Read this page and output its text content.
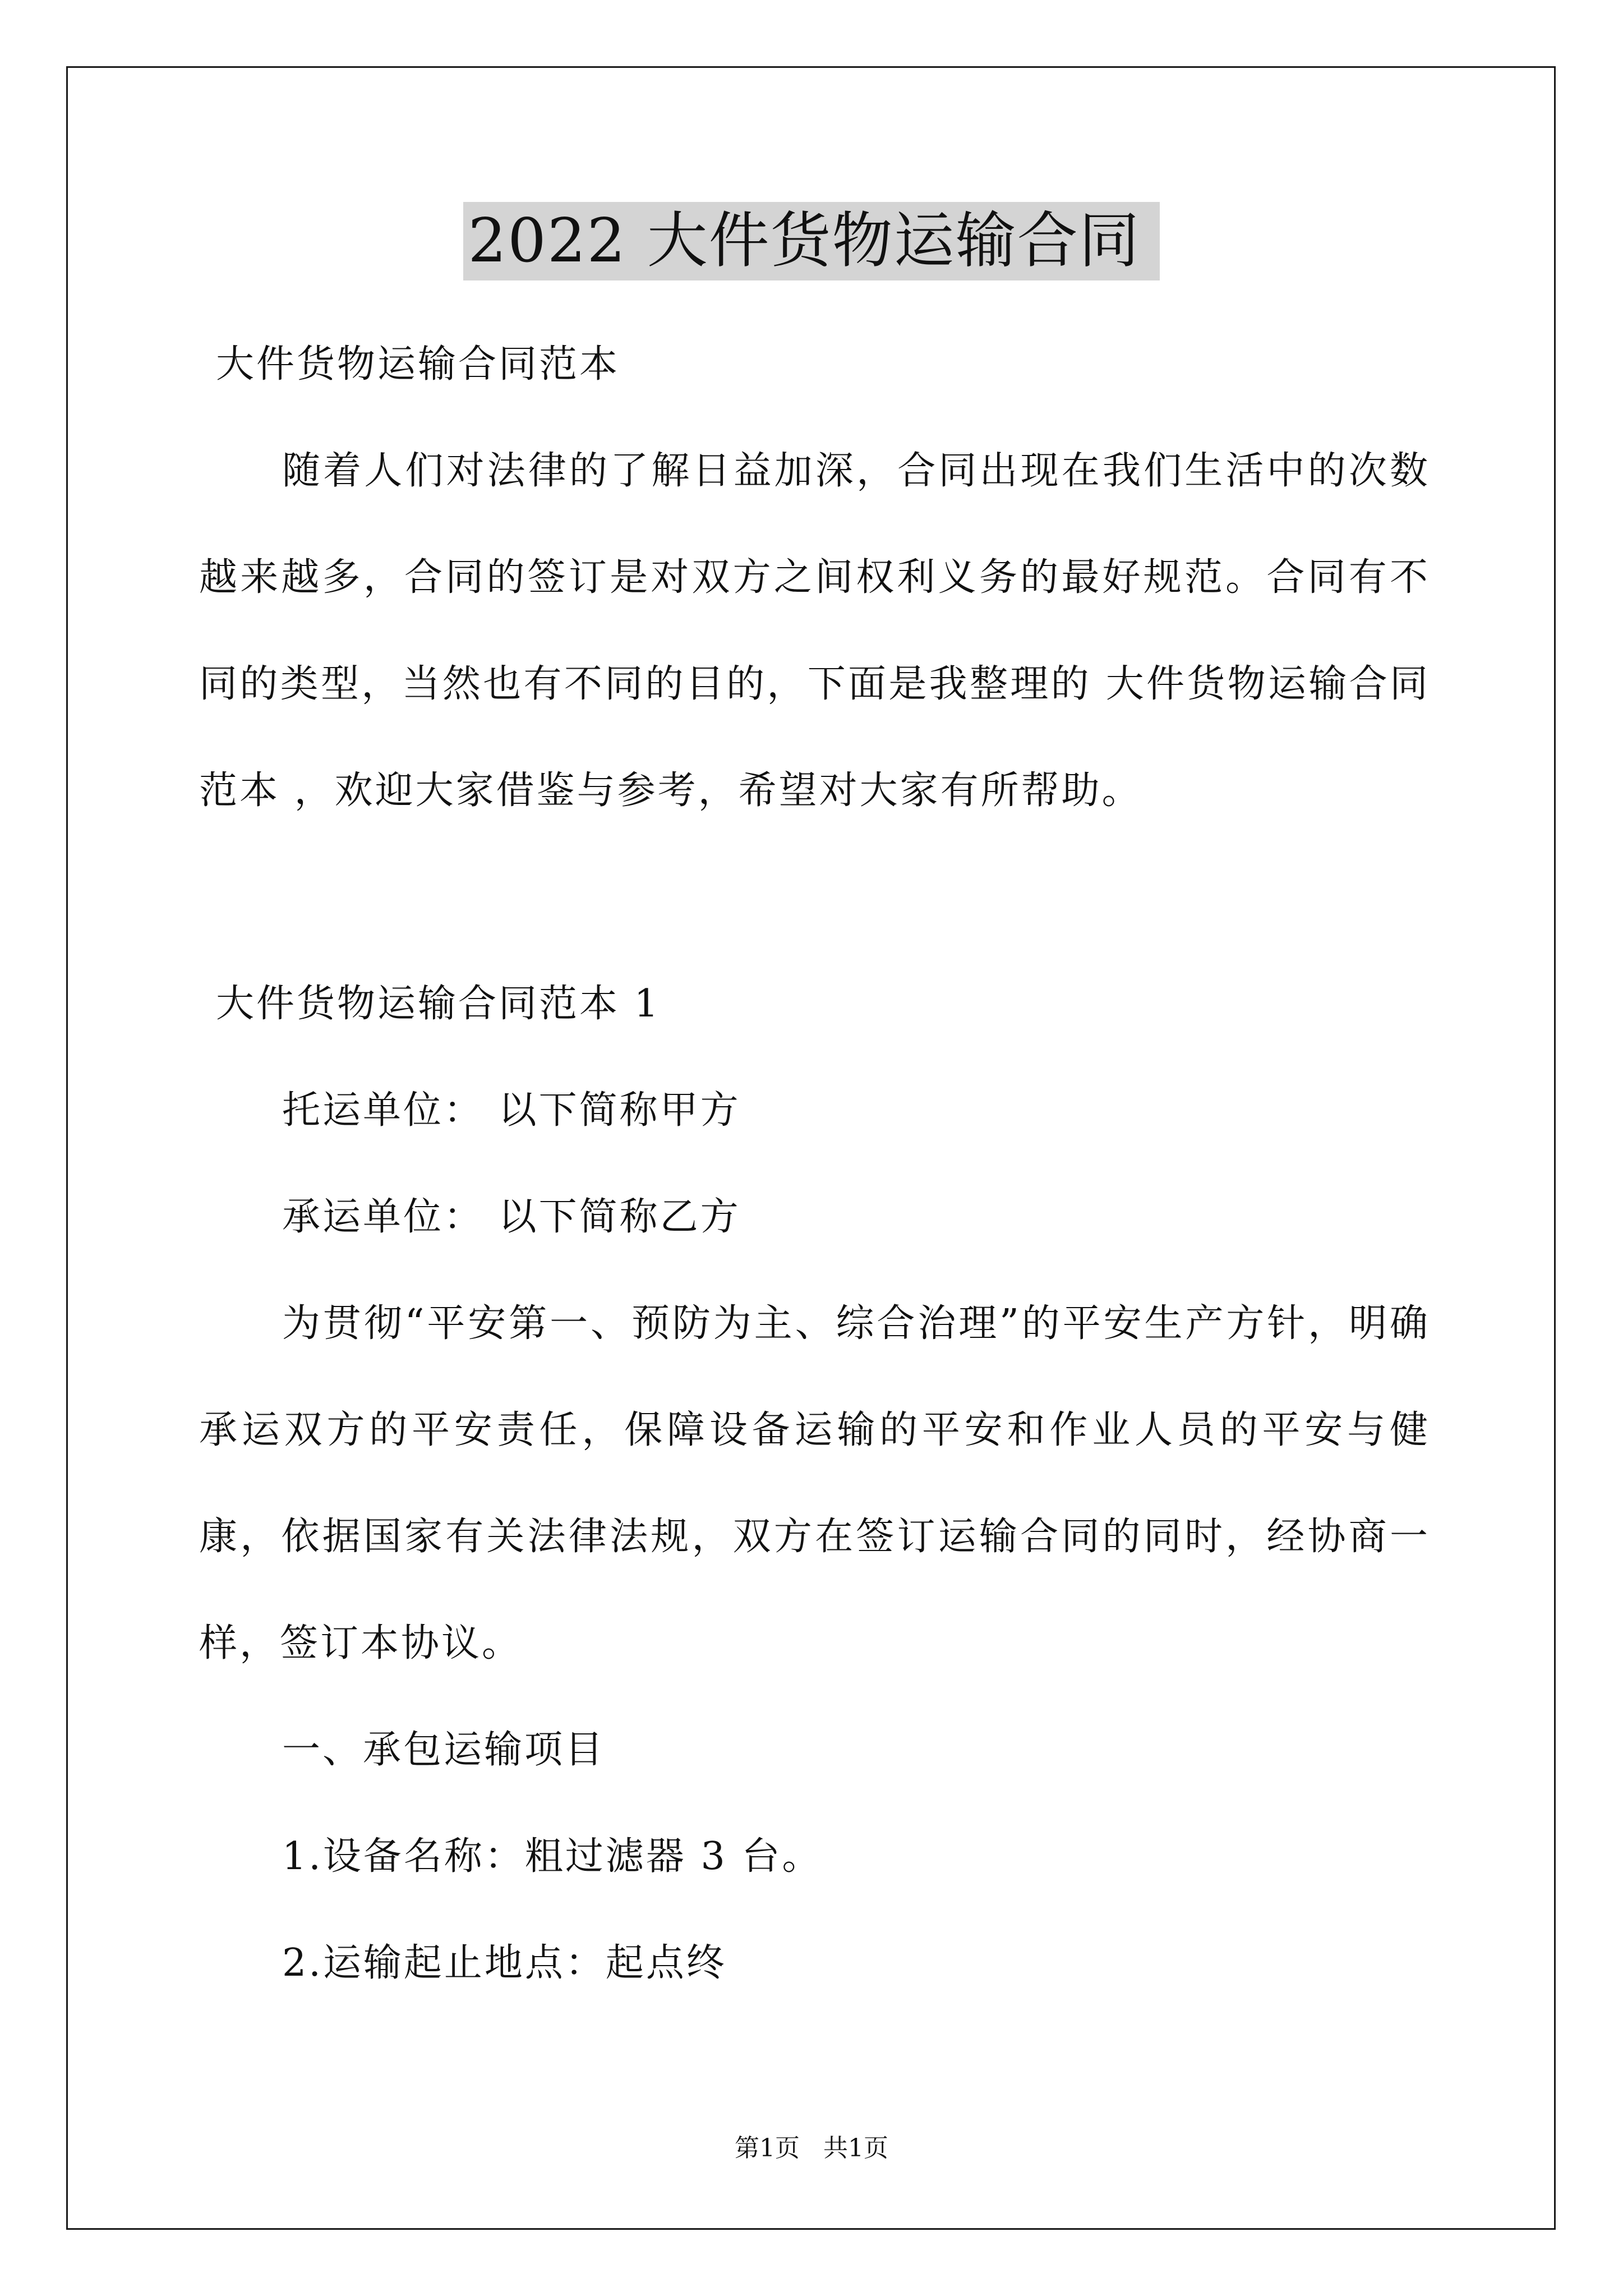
2022 大件货物运输合同

大件货物运输合同范本

随着人们对法律的了解日益加深，合同出现在我们生活中的次数越来越多，合同的签订是对双方之间权利义务的最好规范。合同有不同的类型，当然也有不同的目的，下面是我整理的 大件货物运输合同范本 ，欢迎大家借鉴与参考，希望对大家有所帮助。

大件货物运输合同范本 1

托运单位： 以下简称甲方

承运单位： 以下简称乙方

为贯彻“平安第一、预防为主、综合治理”的平安生产方针，明确承运双方的平安责任，保障设备运输的平安和作业人员的平安与健康，依据国家有关法律法规，双方在签订运输合同的同时，经协商一样，签订本协议。

一、承包运输项目

1.设备名称：粗过滤器 3 台。

2.运输起止地点：起点终

第1页   共1页
